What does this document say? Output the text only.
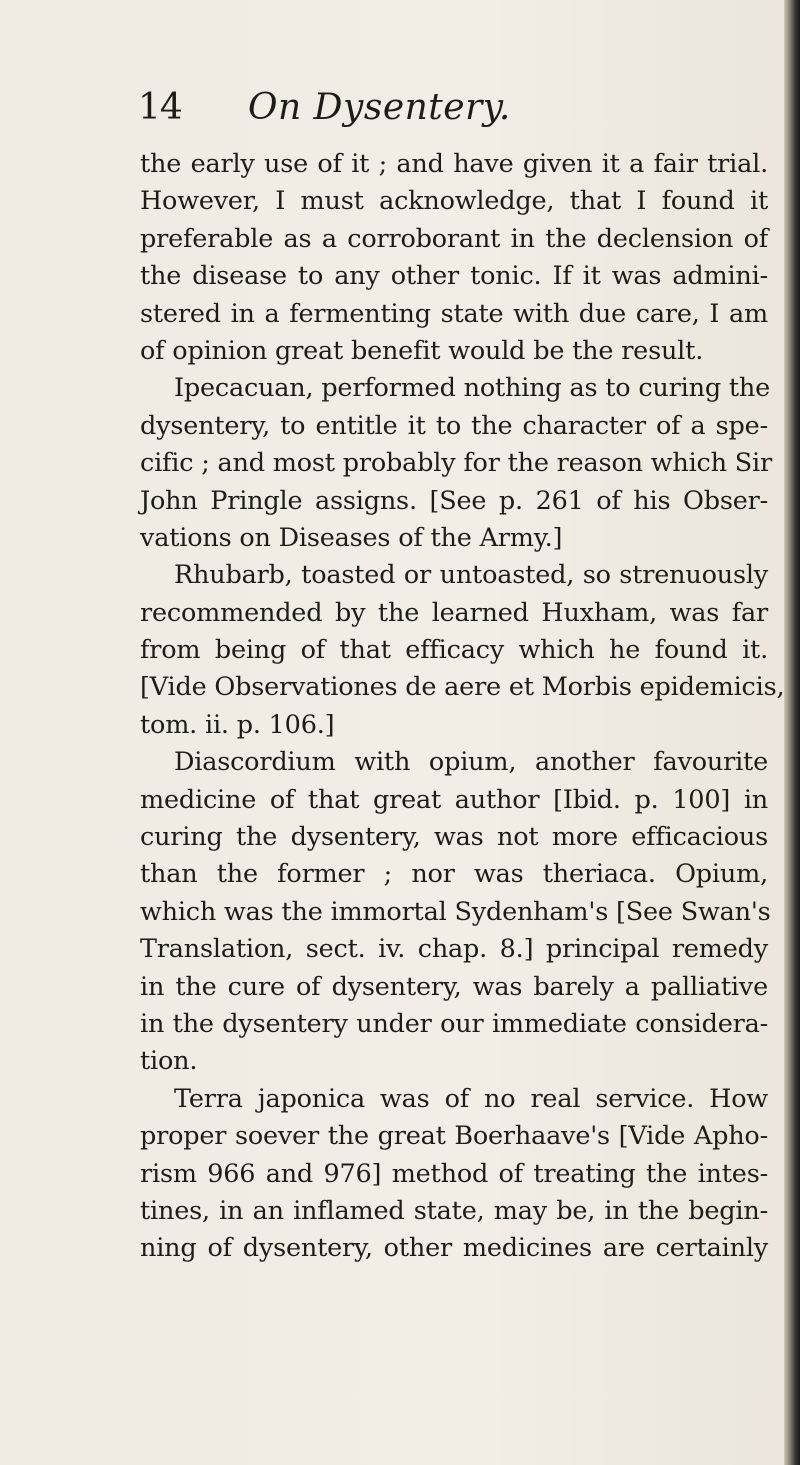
14 On Dysentery.
the early use of it ; and have given it a fair trial.
However, I must acknowledge, that I found it
preferable as a corroborant in the declension of
the disease to any other tonic. If it was admini-
stered in a fermenting state with due care, I am
of opinion great benefit would be the result.
Ipecacuan, performed nothing as to curing the
dysentery, to entitle it to the character of a spe-
cific ; and most probably for the reason which Sir
John Pringle assigns. [See p. 261 of his Obser-
vations on Diseases of the Army.]
Rhubarb, toasted or untoasted, so strenuously
recommended by the learned Huxham, was far
from being of that efficacy which he found it.
[Vide Observationes de aere et Morbis epidemicis,
tom. ii. p. 106.]
Diascordium with opium, another favourite
medicine of that great author [Ibid. p. 100] in
curing the dysentery, was not more efficacious
than the former ; nor was theriaca. Opium,
which was the immortal Sydenham's [See Swan's
Translation, sect. iv. chap. 8.] principal remedy
in the cure of dysentery, was barely a palliative
in the dysentery under our immediate considera-
tion.
Terra japonica was of no real service. How
proper soever the great Boerhaave's [Vide Apho-
rism 966 and 976] method of treating the intes-
tines, in an inflamed state, may be, in the begin-
ning of dysentery, other medicines are certainly
